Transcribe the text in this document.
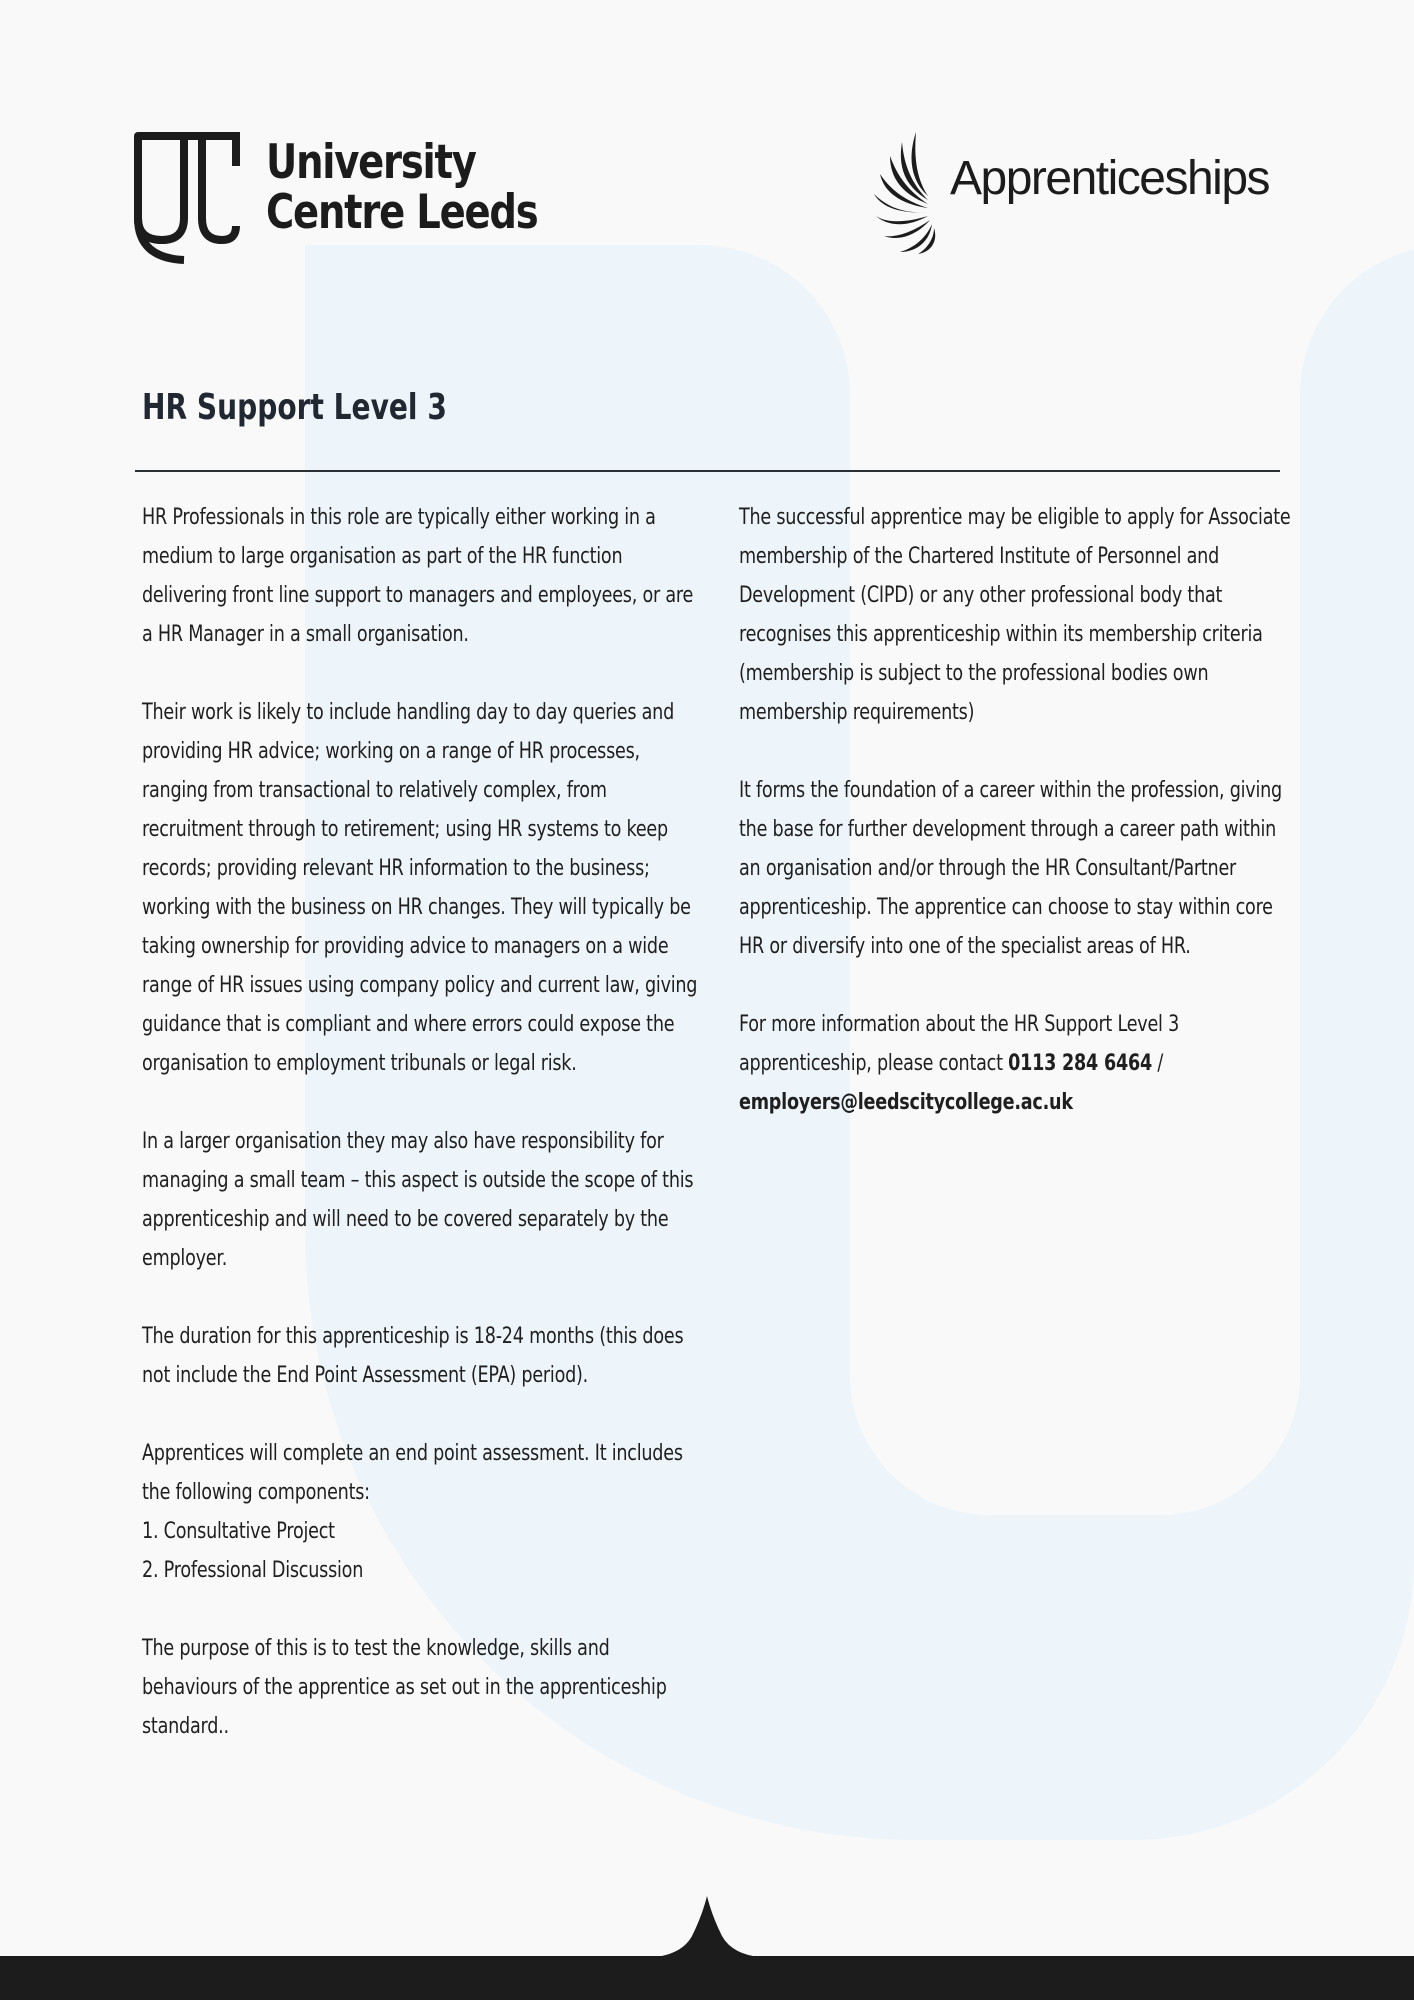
University
Centre Leeds
Apprenticeships
HR Support Level 3

HR Professionals in this role are typically either working in a medium to large organisation as part of the HR function delivering front line support to managers and employees, or are a HR Manager in a small organisation.

Their work is likely to include handling day to day queries and providing HR advice; working on a range of HR processes, ranging from transactional to relatively complex, from recruitment through to retirement; using HR systems to keep records; providing relevant HR information to the business; working with the business on HR changes. They will typically be taking ownership for providing advice to managers on a wide range of HR issues using company policy and current law, giving guidance that is compliant and where errors could expose the organisation to employment tribunals or legal risk.

In a larger organisation they may also have responsibility for managing a small team – this aspect is outside the scope of this apprenticeship and will need to be covered separately by the employer.

The duration for this apprenticeship is 18-24 months (this does not include the End Point Assessment (EPA) period).

Apprentices will complete an end point assessment. It includes the following components:

1. Consultative Project
2. Professional Discussion

The purpose of this is to test the knowledge, skills and behaviours of the apprentice as set out in the apprenticeship standard..

The successful apprentice may be eligible to apply for Associate membership of the Chartered Institute of Personnel and Development (CIPD) or any other professional body that recognises this apprenticeship within its membership criteria (membership is subject to the professional bodies own membership requirements)

It forms the foundation of a career within the profession, giving the base for further development through a career path within an organisation and/or through the HR Consultant/Partner apprenticeship. The apprentice can choose to stay within core HR or diversify into one of the specialist areas of HR.

For more information about the HR Support Level 3 apprenticeship, please contact 0113 284 6464 / employers@leedscitycollege.ac.uk
